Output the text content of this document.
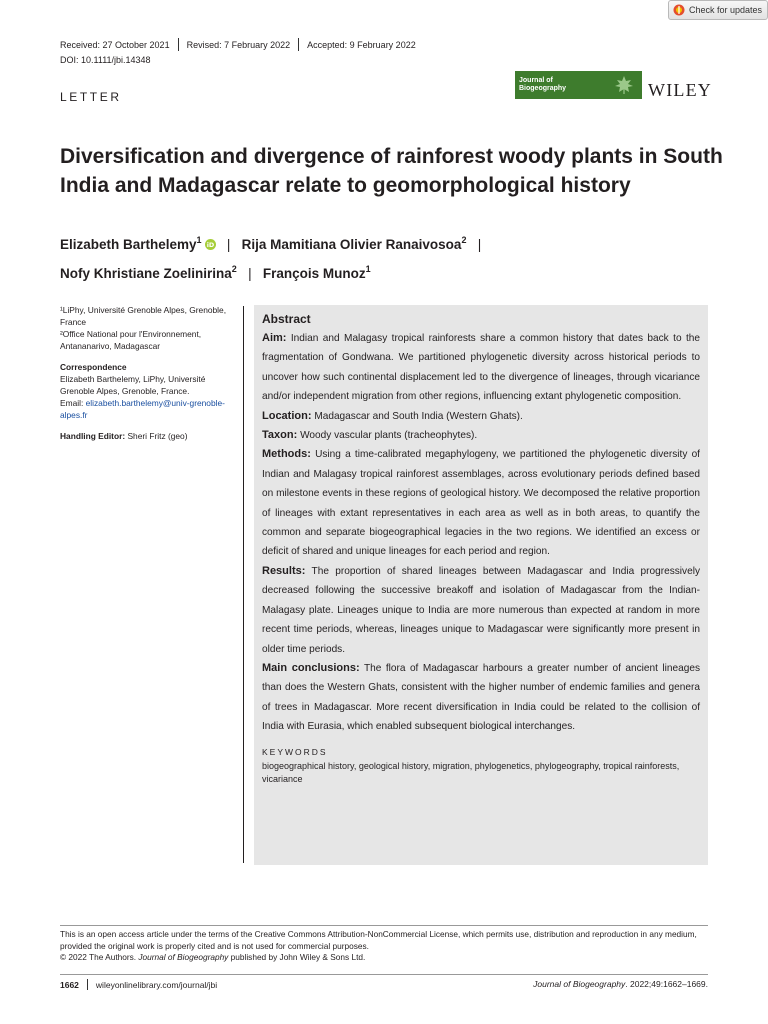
Check for updates
Received: 27 October 2021	Revised: 7 February 2022	Accepted: 9 February 2022
DOI: 10.1111/jbi.14348
LETTER
Journal of Biogeography	WILEY
Diversification and divergence of rainforest woody plants in South India and Madagascar relate to geomorphological history
Elizabeth Barthelemy$^1$ iD |   Rija Mamitiana Olivier Ranaivosoa$^2$   |
Nofy Khristiane Zoelinirina$^2$   |   François Munoz$^1$

¹LiPhy, Université Grenoble Alpes, Grenoble, France

²Office National pour l'Environnement, Antananarivo, Madagascar

Correspondence

Elizabeth Barthelemy, LiPhy, Université Grenoble Alpes, Grenoble, France.

Email: elizabeth.barthelemy@univ-grenoble-alpes.fr

Handling Editor: Sheri Fritz (geo)

Abstract

Aim: Indian and Malagasy tropical rainforests share a common history that dates back to the fragmentation of Gondwana. We partitioned phylogenetic diversity across historical periods to uncover how such continental displacement led to the divergence of lineages, through vicariance and/or independent migration from other regions, influencing extant phylogenetic composition.

Location: Madagascar and South India (Western Ghats).

Taxon: Woody vascular plants (tracheophytes).

Methods: Using a time-calibrated megaphylogeny, we partitioned the phylogenetic diversity of Indian and Malagasy tropical rainforest assemblages, across evolutionary periods defined based on milestone events in these regions of geological history. We decomposed the relative proportion of lineages with extant representatives in each area as well as in both areas, to quantify the common and separate biogeographical legacies in the two regions. We identified an excess or deficit of shared and unique lineages for each period and region.

Results: The proportion of shared lineages between Madagascar and India progressively decreased following the successive breakoff and isolation of Madagascar from the Indian-Malagasy plate. Lineages unique to India are more numerous than expected at random in more recent time periods, whereas, lineages unique to Madagascar were significantly more present in older time periods.

Main conclusions: The flora of Madagascar harbours a greater number of ancient lineages than does the Western Ghats, consistent with the higher number of endemic families and genera of trees in Madagascar. More recent diversification in India could be related to the collision of India with Eurasia, which enabled subsequent biological interchanges.

KEYWORDS
biogeographical history, geological history, migration, phylogenetics, phylogeography, tropical rainforests, vicariance

This is an open access article under the terms of the Creative Commons Attribution-NonCommercial License, which permits use, distribution and reproduction in any medium, provided the original work is properly cited and is not used for commercial purposes.

© 2022 The Authors. Journal of Biogeography published by John Wiley & Sons Ltd.

1662	wileyonlinelibrary.com/journal/jbi	Journal of Biogeography. 2022;49:1662–1669.
